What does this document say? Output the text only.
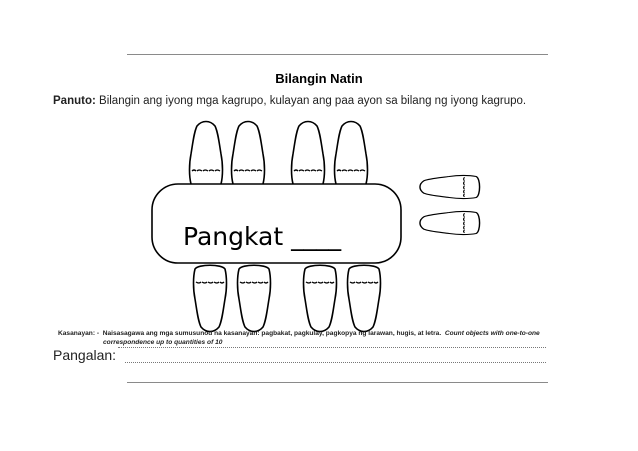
Bilangin Natin
Panuto: Bilangin ang iyong mga kagrupo, kulayan ang paa ayon sa bilang ng iyong kagrupo.
Pangkat ____
Kasanayan: - Naisasagawa ang mga sumusunod na kasanayan: pagbakat, pagkulay, pagkopya ng larawan, hugis, at letra. Count objects with one-to-one
correspondence up to quantities of 10
Pangalan:
